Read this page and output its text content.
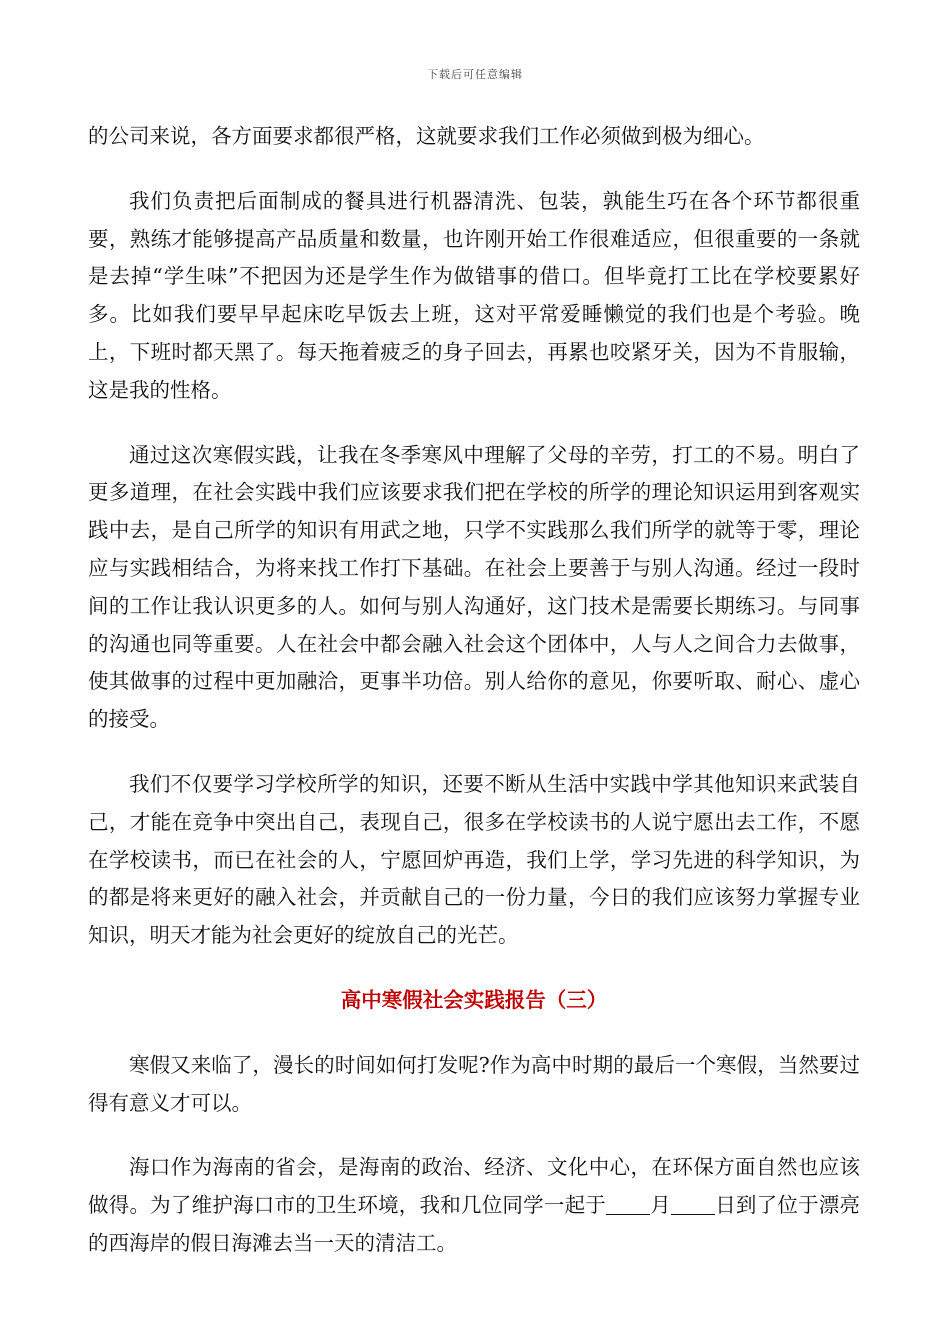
下载后可任意编辑

的公司来说，各方面要求都很严格，这就要求我们工作必须做到极为细心。

我们负责把后面制成的餐具进行机器清洗、包装，孰能生巧在各个环节都很重要，熟练才能够提高产品质量和数量，也许刚开始工作很难适应，但很重要的一条就是去掉“学生味”不把因为还是学生作为做错事的借口。但毕竟打工比在学校要累好多。比如我们要早早起床吃早饭去上班，这对平常爱睡懒觉的我们也是个考验。晚上，下班时都天黑了。每天拖着疲乏的身子回去，再累也咬紧牙关，因为不肯服输，这是我的性格。

通过这次寒假实践，让我在冬季寒风中理解了父母的辛劳，打工的不易。明白了更多道理，在社会实践中我们应该要求我们把在学校的所学的理论知识运用到客观实践中去，是自己所学的知识有用武之地，只学不实践那么我们所学的就等于零，理论应与实践相结合，为将来找工作打下基础。在社会上要善于与别人沟通。经过一段时间的工作让我认识更多的人。如何与别人沟通好，这门技术是需要长期练习。与同事的沟通也同等重要。人在社会中都会融入社会这个团体中，人与人之间合力去做事，使其做事的过程中更加融洽，更事半功倍。别人给你的意见，你要听取、耐心、虚心的接受。

我们不仅要学习学校所学的知识，还要不断从生活中实践中学其他知识来武装自己，才能在竞争中突出自己，表现自己，很多在学校读书的人说宁愿出去工作，不愿在学校读书，而已在社会的人，宁愿回炉再造，我们上学，学习先进的科学知识，为的都是将来更好的融入社会，并贡献自己的一份力量，今日的我们应该努力掌握专业知识，明天才能为社会更好的绽放自己的光芒。

高中寒假社会实践报告（三）

寒假又来临了，漫长的时间如何打发呢?作为高中时期的最后一个寒假，当然要过得有意义才可以。

海口作为海南的省会，是海南的政治、经济、文化中心，在环保方面自然也应该做得。为了维护海口市的卫生环境，我和几位同学一起于 月 日到了位于漂亮的西海岸的假日海滩去当一天的清洁工。
